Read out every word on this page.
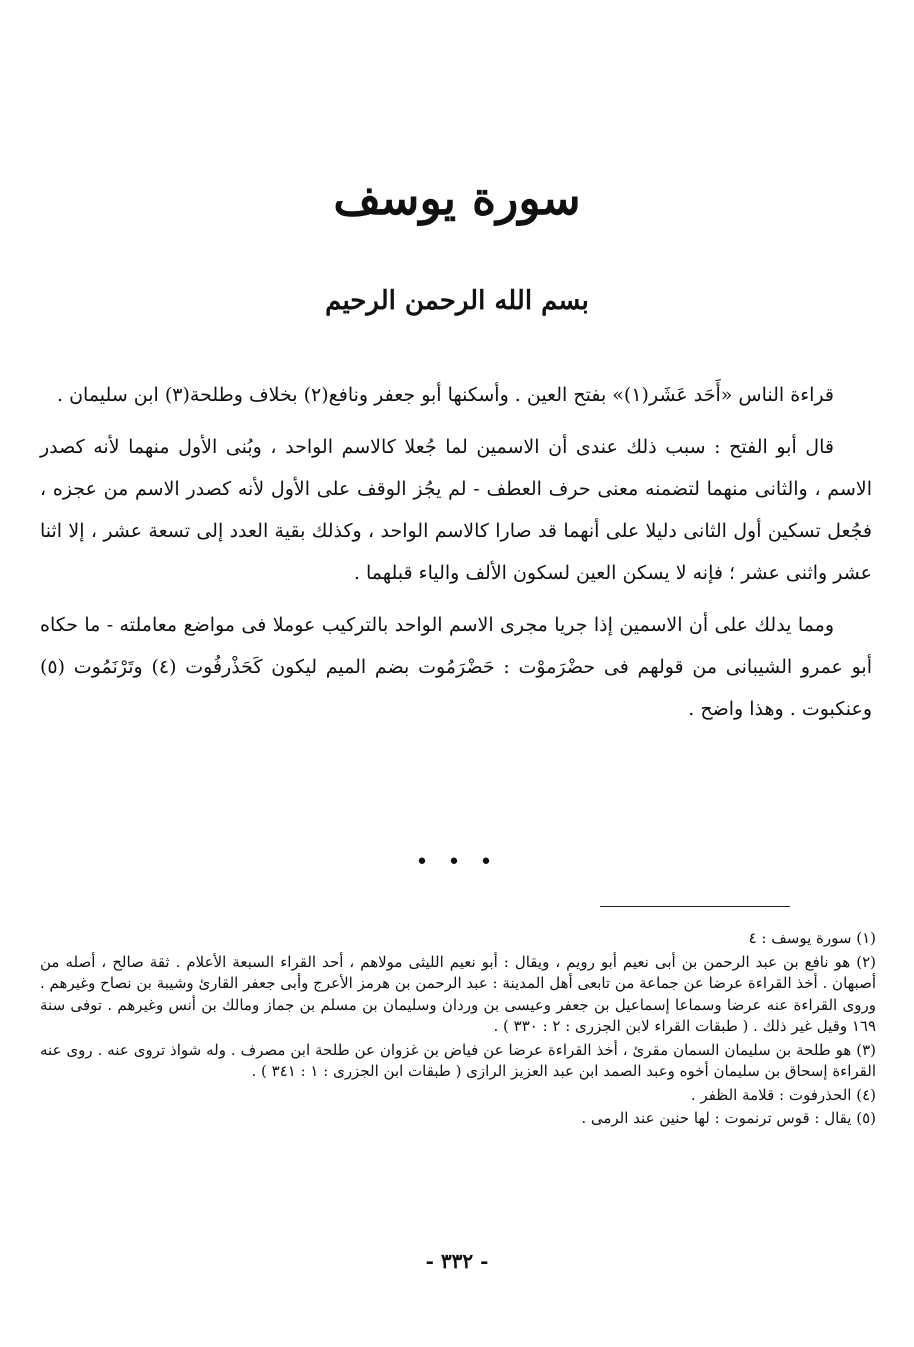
سورة يوسف
بسم الله الرحمن الرحيم

قراءة الناس «أَحَد عَشَر(١)» بفتح العين . وأسكنها أبو جعفر ونافع(٢) بخلاف وطلحة(٣) ابن سليمان .

قال أبو الفتح : سبب ذلك عندى أن الاسمين لما جُعلا كالاسم الواحد ، وبُنى الأول منهما لأنه كصدر الاسم ، والثانى منهما لتضمنه معنى حرف العطف - لم يجُز الوقف على الأول لأنه كصدر الاسم من عجزه ، فجُعل تسكين أول الثانى دليلا على أنهما قد صارا كالاسم الواحد ، وكذلك بقية العدد إلى تسعة عشر ، إلا اثنا عشر واثنى عشر ؛ فإنه لا يسكن العين لسكون الألف والياء قبلهما .

ومما يدلك على أن الاسمين إذا جريا مجرى الاسم الواحد بالتركيب عوملا فى مواضع معاملته - ما حكاه أبو عمرو الشيبانى من قولهم فى حضْرَموْت : حَضْرَمُوت بضم الميم ليكون كَحَذْرفُوت (٤) وتَرْنَمُوت (٥) وعنكبوت . وهذا واضح .

• • •

(١) سورة يوسف : ٤

(٢) هو نافع بن عبد الرحمن بن أبى نعيم أبو رويم ، ويقال : أبو نعيم الليثى مولاهم ، أحد القراء السبعة الأعلام . ثقة صالح ، أصله من أصبهان . أخذ القراءة عرضا عن جماعة من تابعى أهل المدينة : عبد الرحمن بن هرمز الأعرج وأبى جعفر القارئ وشيبة بن نصاح وغيرهم . وروى القراءة عنه عرضا وسماعا إسماعيل بن جعفر وعيسى بن وردان وسليمان بن مسلم بن جماز ومالك بن أنس وغيرهم . توفى سنة ١٦٩ وقيل غير ذلك . ( طبقات القراء لابن الجزرى : ٢ : ٣٣٠ ) .

(٣) هو طلحة بن سليمان السمان مقرئ ، أخذ القراءة عرضا عن فياض بن غزوان عن طلحة ابن مصرف . وله شواذ تروى عنه . روى عنه القراءة إسحاق بن سليمان أخوه وعبد الصمد ابن عبد العزيز الرازى ( طبقات ابن الجزرى : ١ : ٣٤١ ) .

(٤) الحذرفوت : قلامة الظفر .

(٥) يقال : قوس ترنموت : لها حنين عند الرمى .

- ٣٣٢ -
